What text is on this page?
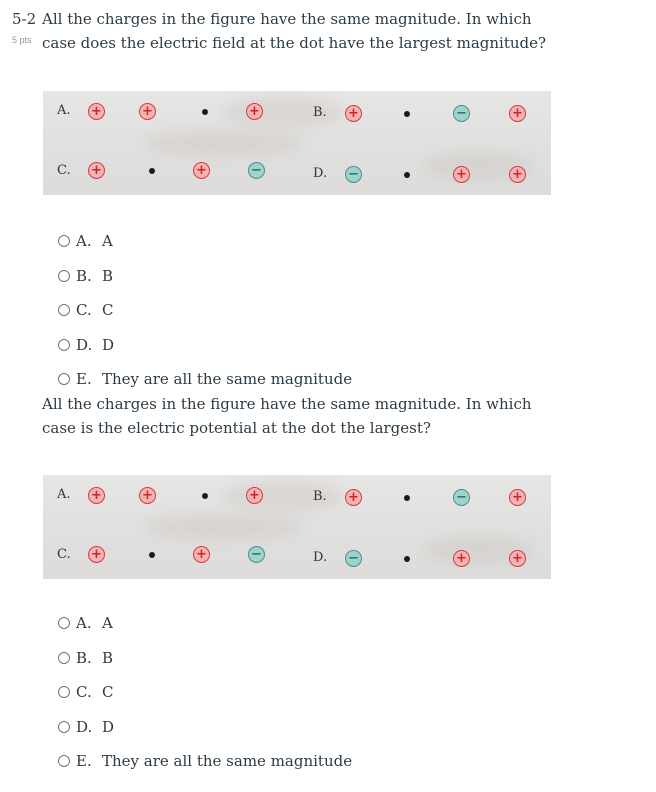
5-2
5 pts
All the charges in the figure have the same magnitude. In which case does the electric field at the dot have the largest magnitude?
A. +	+	+	B. +	−	+
C. +	+	−	D. −	+	+
A. A
B. B
C. C
D. D
E. They are all the same magnitude
All the charges in the figure have the same magnitude. In which case is the electric potential at the dot the largest?
A. +	+	+	B. +	−	+
C. +	+	−	D. −	+	+
A. A
B. B
C. C
D. D
E. They are all the same magnitude
